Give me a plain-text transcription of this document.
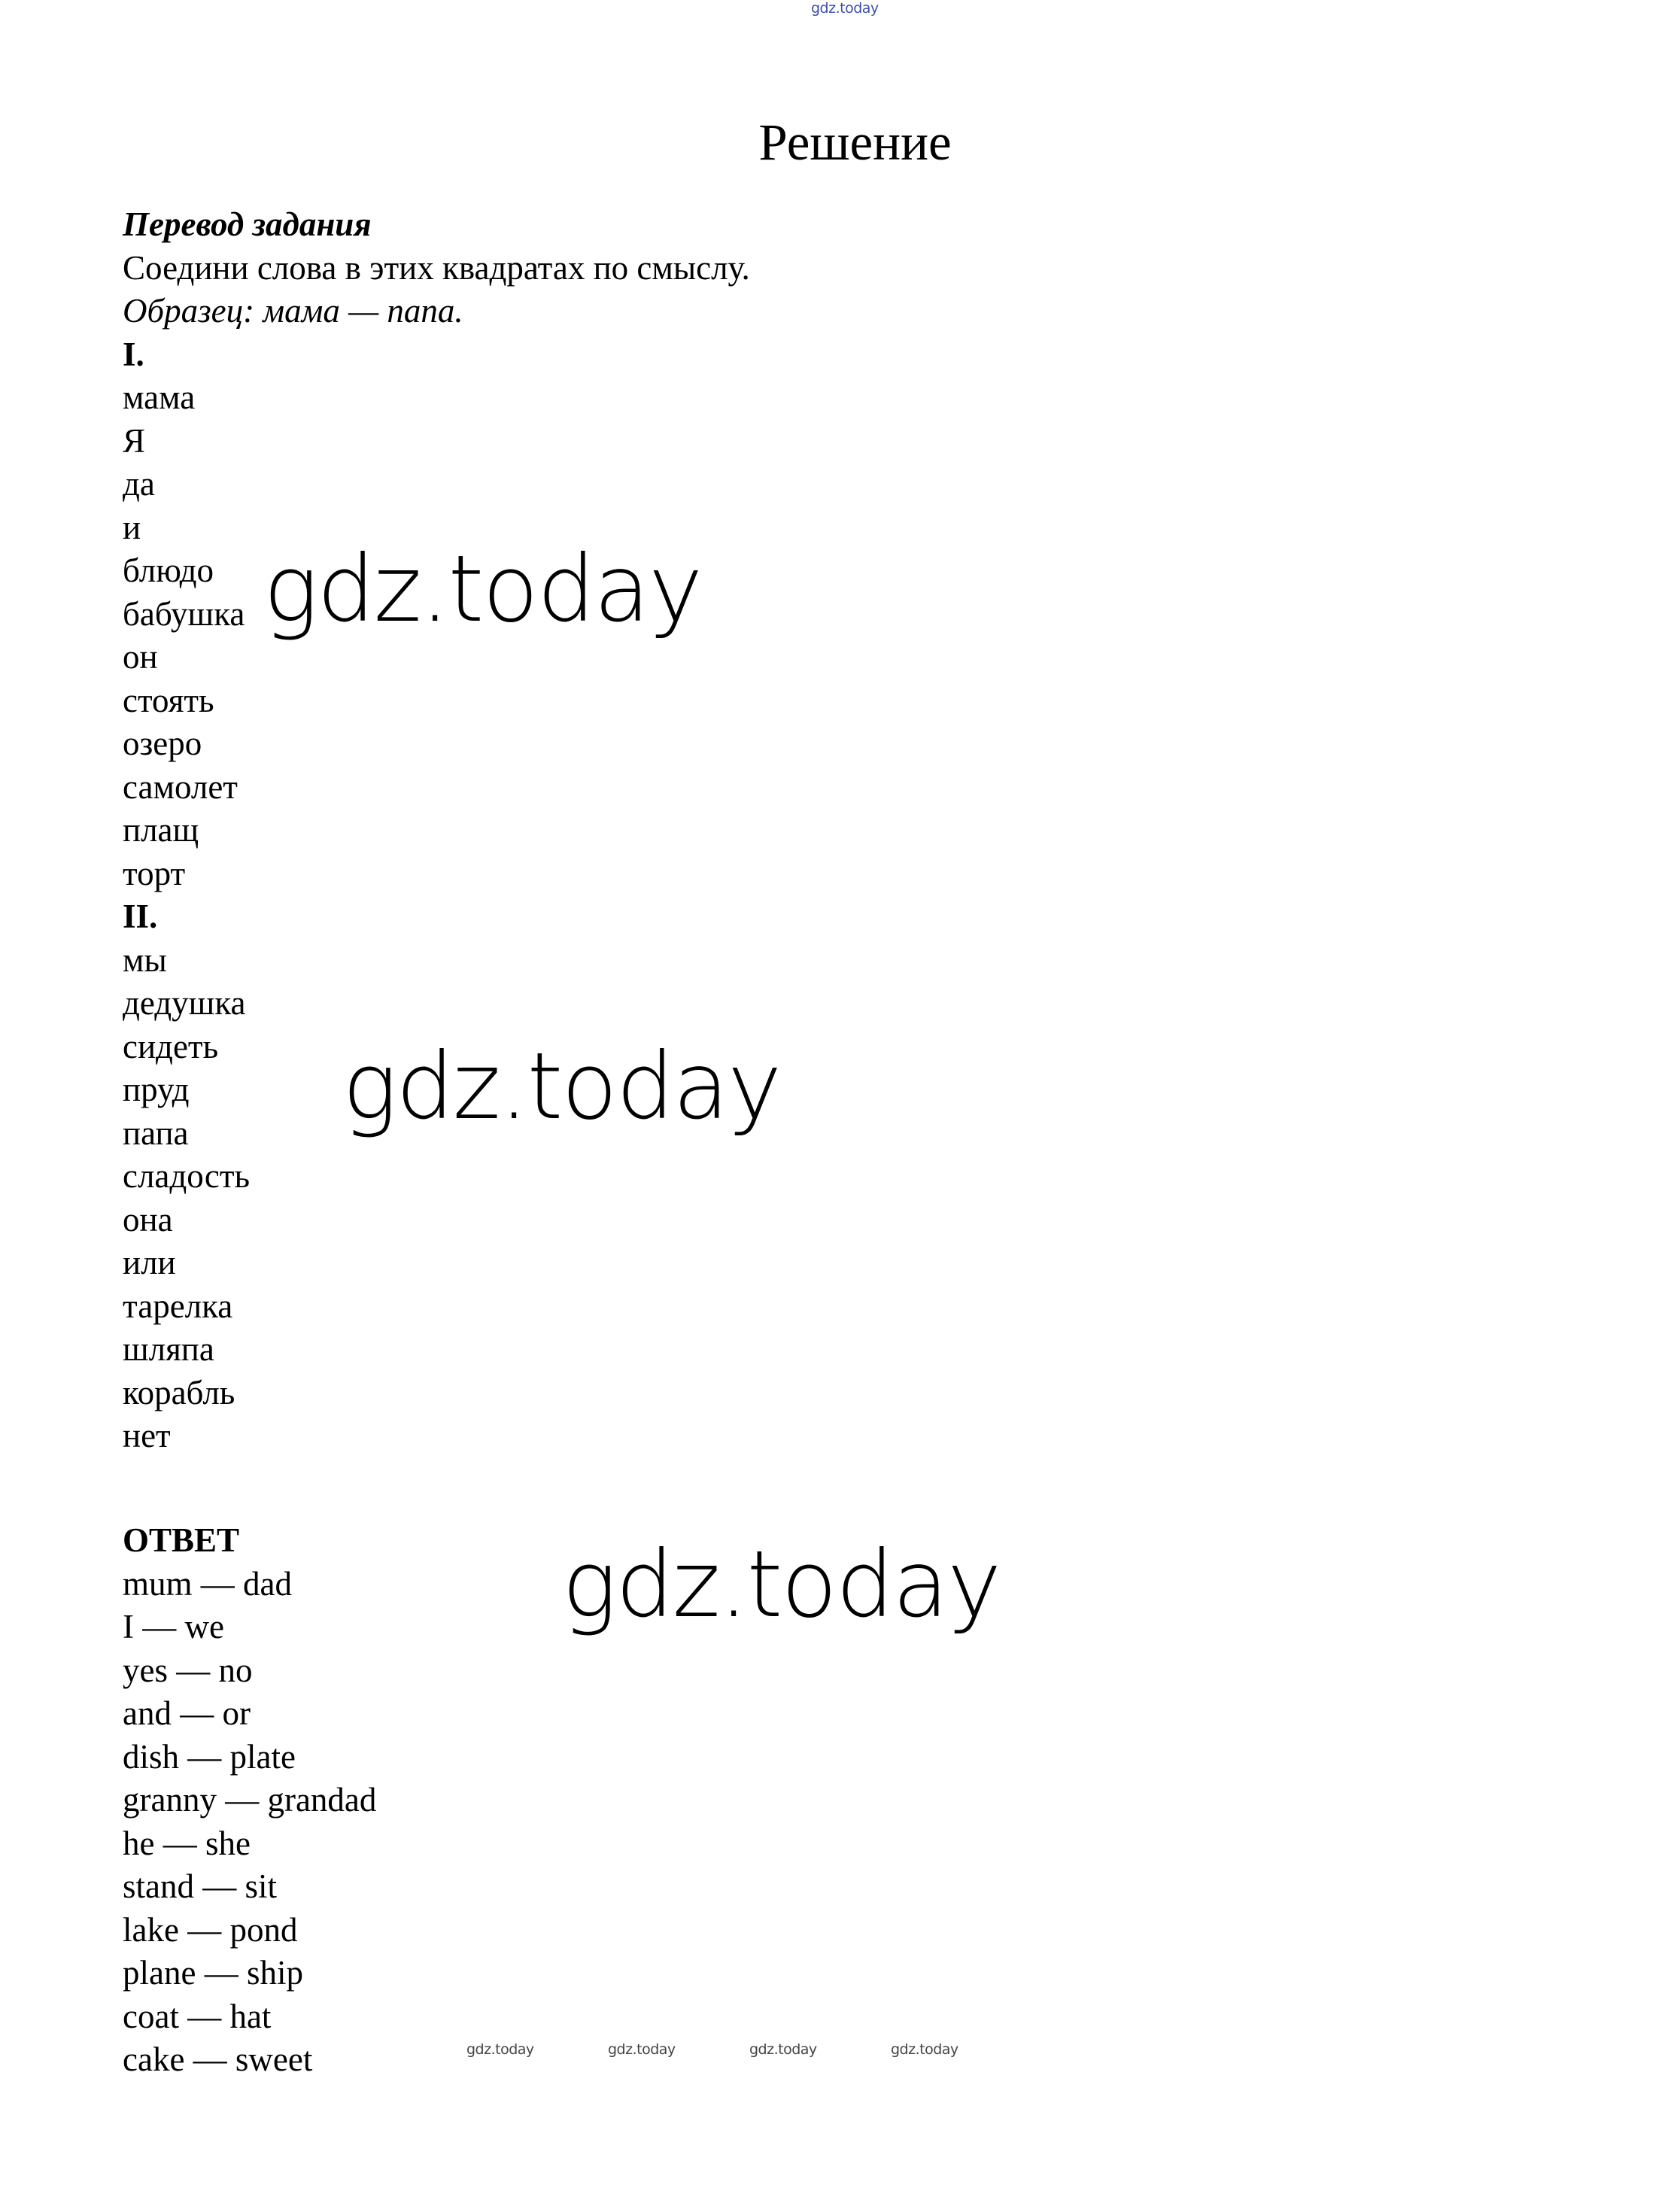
gdz.today
Решение
Перевод задания
Соедини слова в этих квадратах по смыслу.
Образец: мама — папа.
I.
мама
Я
да
и
блюдо
бабушка
он
стоять
озеро
самолет
плащ
торт
II.
мы
дедушка
сидеть
пруд
папа
сладость
она
или
тарелка
шляпа
корабль
нет
ОТВЕТ
mum — dad
I — we
yes — no
and — or
dish — plate
granny — grandad
he — she
stand — sit
lake — pond
plane — ship
coat — hat
cake — sweet
gdz.today
gdz.today
gdz.today
gdz.today	gdz.today	gdz.today	gdz.today
